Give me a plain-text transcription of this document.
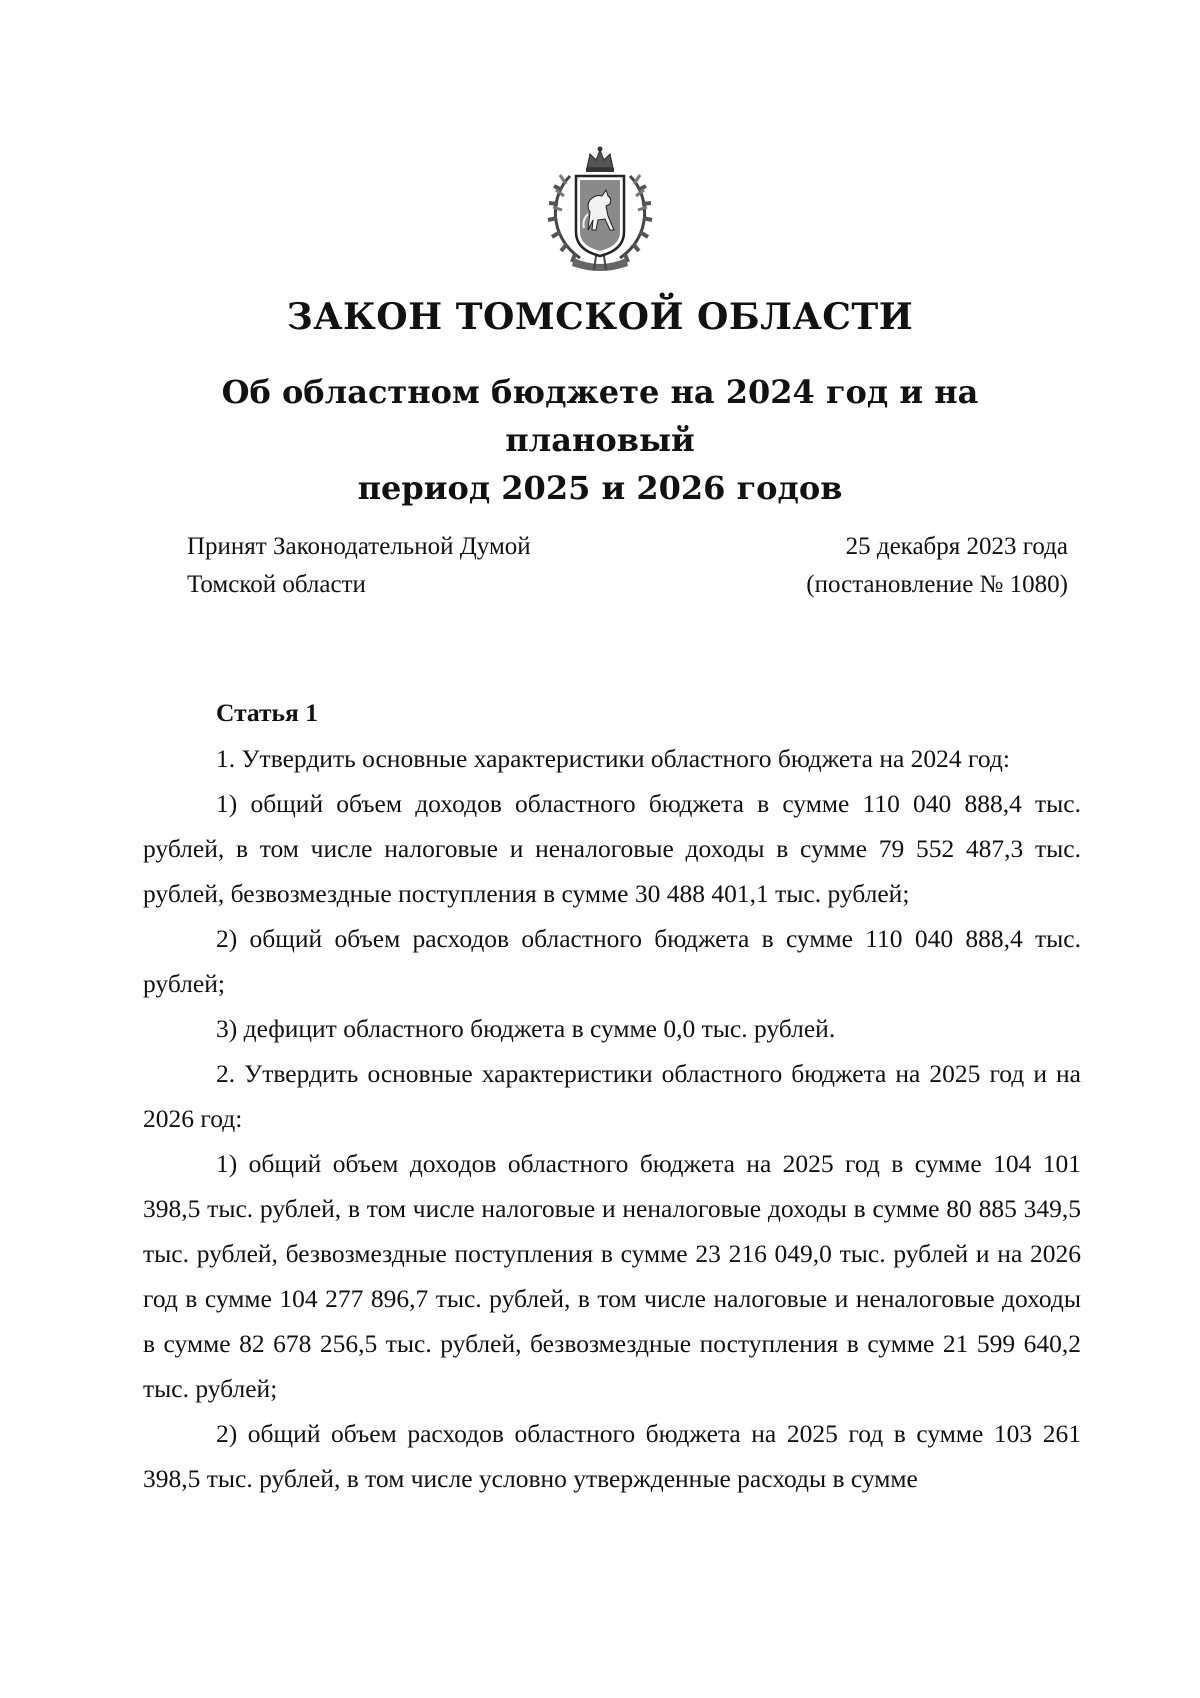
ЗАКОН ТОМСКОЙ ОБЛАСТИ
Об областном бюджете на 2024 год и на плановый
период 2025 и 2026 годов
Принят Законодательной Думой
Томской области
25 декабря 2023 года
(постановление № 1080)
Статья 1

1. Утвердить основные характеристики областного бюджета на 2024 год:

1) общий объем доходов областного бюджета в сумме 110 040 888,4 тыс. рублей, в том числе налоговые и неналоговые доходы в сумме 79 552 487,3 тыс. рублей, безвозмездные поступления в сумме 30 488 401,1 тыс. рублей;

2) общий объем расходов областного бюджета в сумме 110 040 888,4 тыс. рублей;

3) дефицит областного бюджета в сумме 0,0 тыс. рублей.

2. Утвердить основные характеристики областного бюджета на 2025 год и на 2026 год:

1) общий объем доходов областного бюджета на 2025 год в сумме 104 101 398,5 тыс. рублей, в том числе налоговые и неналоговые доходы в сумме 80 885 349,5 тыс. рублей, безвозмездные поступления в сумме 23 216 049,0 тыс. рублей и на 2026 год в сумме 104 277 896,7 тыс. рублей, в том числе налоговые и неналоговые доходы в сумме 82 678 256,5 тыс. рублей, безвозмездные поступления в сумме 21 599 640,2 тыс. рублей;

2) общий объем расходов областного бюджета на 2025 год в сумме 103 261 398,5 тыс. рублей, в том числе условно утвержденные расходы в сумме
